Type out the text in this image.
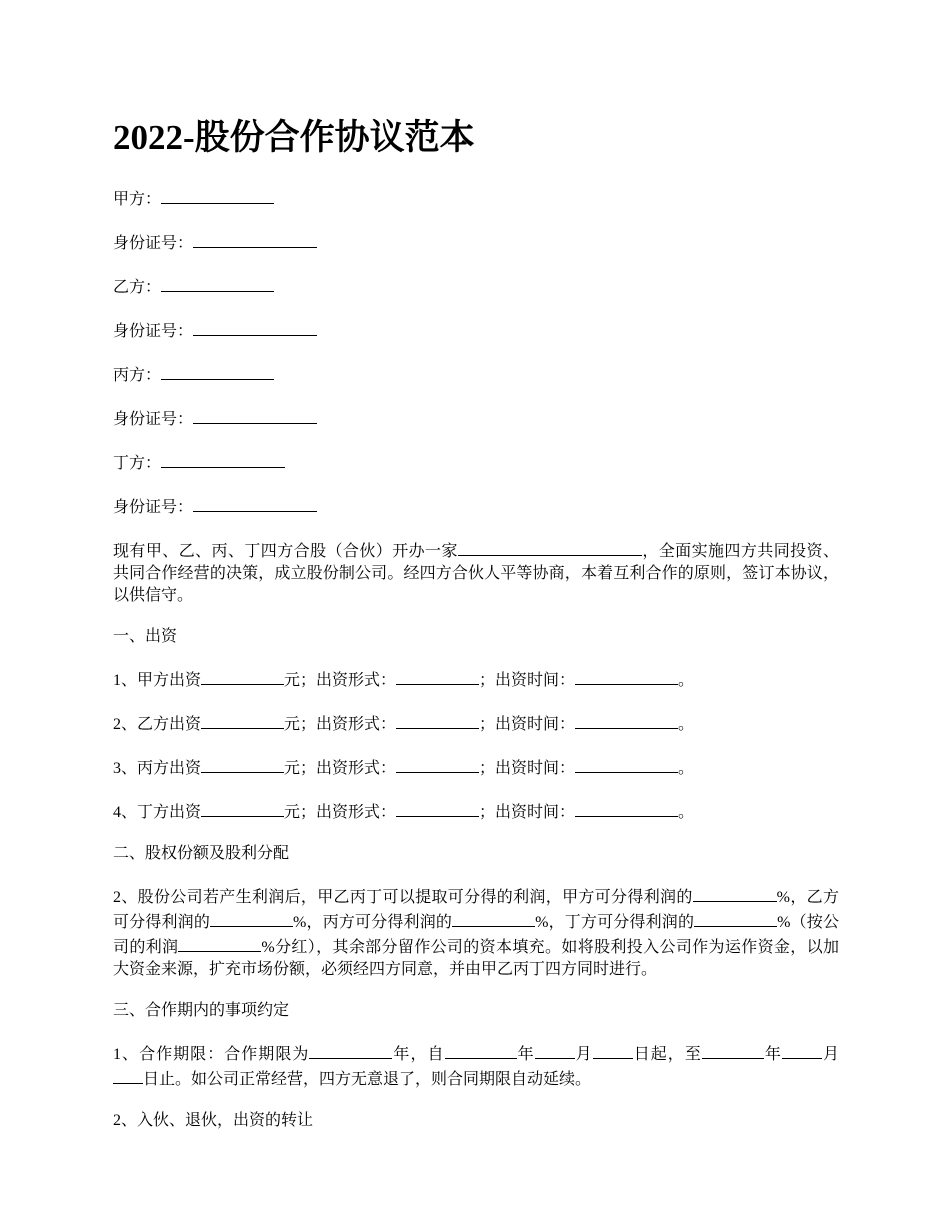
2022-股份合作协议范本
甲方：
身份证号：
乙方：
身份证号：
丙方：
身份证号：
丁方：
身份证号：

现有甲、乙、丙、丁四方合股（合伙）开办一家	，全面实施四方共同投资、共同合作经营的决策，成立股份制公司。经四方合伙人平等协商，本着互利合作的原则，签订本协议，以供信守。

一、出资
1、甲方出资	元；出资形式：	；出资时间：	。
2、乙方出资	元；出资形式：	；出资时间：	。
3、丙方出资	元；出资形式：	；出资时间：	。
4、丁方出资	元；出资形式：	；出资时间：	。
二、股权份额及股利分配

2、股份公司若产生利润后，甲乙丙丁可以提取可分得的利润，甲方可分得利润的	%，乙方可分得利润的	%，丙方可分得利润的	%，丁方可分得利润的	%（按公司的利润	%分红），其余部分留作公司的资本填充。如将股利投入公司作为运作资金，以加大资金来源，扩充市场份额，必须经四方同意，并由甲乙丙丁四方同时进行。

三、合作期内的事项约定

1、合作期限：合作期限为	年，自	年	月	日起，至	年	月日止。如公司正常经营，四方无意退了，则合同期限自动延续。

2、入伙、退伙，出资的转让
